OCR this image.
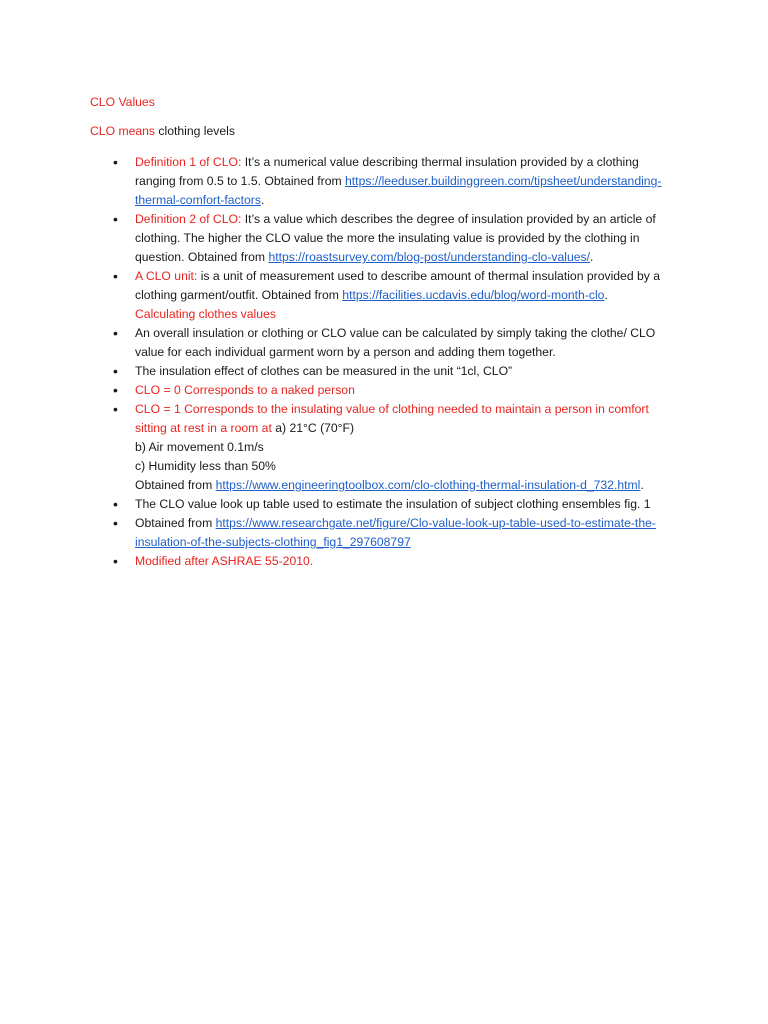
CLO Values
CLO means clothing levels
• Definition 1 of CLO: It’s a numerical value describing thermal insulation provided by a clothing ranging from 0.5 to 1.5. Obtained from https://leeduser.buildinggreen.com/tipsheet/understanding-thermal-comfort-factors.
• Definition 2 of CLO: It’s a value which describes the degree of insulation provided by an article of clothing. The higher the CLO value the more the insulating value is provided by the clothing in question. Obtained from https://roastsurvey.com/blog-post/understanding-clo-values/.
• A CLO unit: is a unit of measurement used to describe amount of thermal insulation provided by a clothing garment/outfit. Obtained from https://facilities.ucdavis.edu/blog/word-month-clo.
Calculating clothes values
• An overall insulation or clothing or CLO value can be calculated by simply taking the clothe/ CLO value for each individual garment worn by a person and adding them together.
• The insulation effect of clothes can be measured in the unit “1cl, CLO”
• CLO = 0 Corresponds to a naked person
• CLO = 1 Corresponds to the insulating value of clothing needed to maintain a person in comfort sitting at rest in a room at a) 21°C (70°F)
b) Air movement 0.1m/s
c) Humidity less than 50%
Obtained from https://www.engineeringtoolbox.com/clo-clothing-thermal-insulation-d_732.html.
• The CLO value look up table used to estimate the insulation of subject clothing ensembles fig. 1
• Obtained from https://www.researchgate.net/figure/Clo-value-look-up-table-used-to-estimate-the-insulation-of-the-subjects-clothing_fig1_297608797
• Modified after ASHRAE 55-2010.
